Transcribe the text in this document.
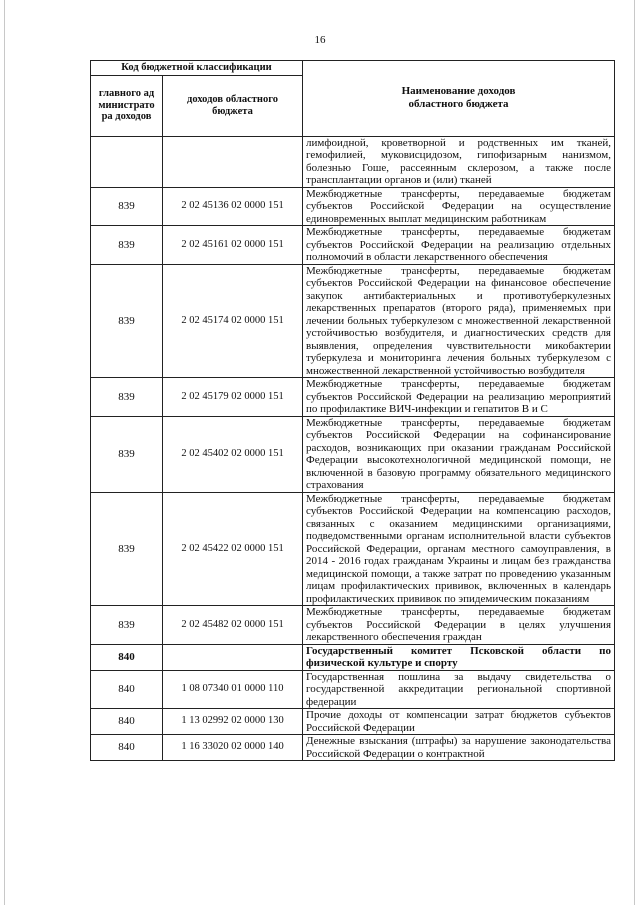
16
Код бюджетной классификации		Наименование доходов областного бюджета
главного администратора доходов	доходов областного бюджета	
		лимфоидной, кроветворной и родственных им тканей, гемофилией, муковисцидозом, гипофизарным нанизмом, болезнью Гоше, рассеянным склерозом, а также после трансплантации органов и (или) тканей
839	2 02 45136 02 0000 151	Межбюджетные трансферты, передаваемые бюджетам субъектов Российской Федерации на осуществление единовременных выплат медицинским работникам
839	2 02 45161 02 0000 151	Межбюджетные трансферты, передаваемые бюджетам субъектов Российской Федерации на реализацию отдельных полномочий в области лекарственного обеспечения
839	2 02 45174 02 0000 151	Межбюджетные трансферты, передаваемые бюджетам субъектов Российской Федерации на финансовое обеспечение закупок антибактериальных и противотуберкулезных лекарственных препаратов (второго ряда), применяемых при лечении больных туберкулезом с множественной лекарственной устойчивостью возбудителя, и диагностических средств для выявления, определения чувствительности микобактерии туберкулеза и мониторинга лечения больных туберкулезом с множественной лекарственной устойчивостью возбудителя
839	2 02 45179 02 0000 151	Межбюджетные трансферты, передаваемые бюджетам субъектов Российской Федерации на реализацию мероприятий по профилактике ВИЧ-инфекции и гепатитов В и С
839	2 02 45402 02 0000 151	Межбюджетные трансферты, передаваемые бюджетам субъектов Российской Федерации на софинансирование расходов, возникающих при оказании гражданам Российской Федерации высокотехнологичной медицинской помощи, не включенной в базовую программу обязательного медицинского страхования
839	2 02 45422 02 0000 151	Межбюджетные трансферты, передаваемые бюджетам субъектов Российской Федерации на компенсацию расходов, связанных с оказанием медицинскими организациями, подведомственными органам исполнительной власти субъектов Российской Федерации, органам местного самоуправления, в 2014 - 2016 годах гражданам Украины и лицам без гражданства медицинской помощи, а также затрат по проведению указанным лицам профилактических прививок, включенных в календарь профилактических прививок по эпидемическим показаниям
839	2 02 45482 02 0000 151	Межбюджетные трансферты, передаваемые бюджетам субъектов Российской Федерации в целях улучшения лекарственного обеспечения граждан
840		Государственный комитет Псковской области по физической культуре и спорту
840	1 08 07340 01 0000 110	Государственная пошлина за выдачу свидетельства о государственной аккредитации региональной спортивной федерации
840	1 13 02992 02 0000 130	Прочие доходы от компенсации затрат бюджетов субъектов Российской Федерации
840	1 16 33020 02 0000 140	Денежные взыскания (штрафы) за нарушение законодательства Российской Федерации о контрактной
